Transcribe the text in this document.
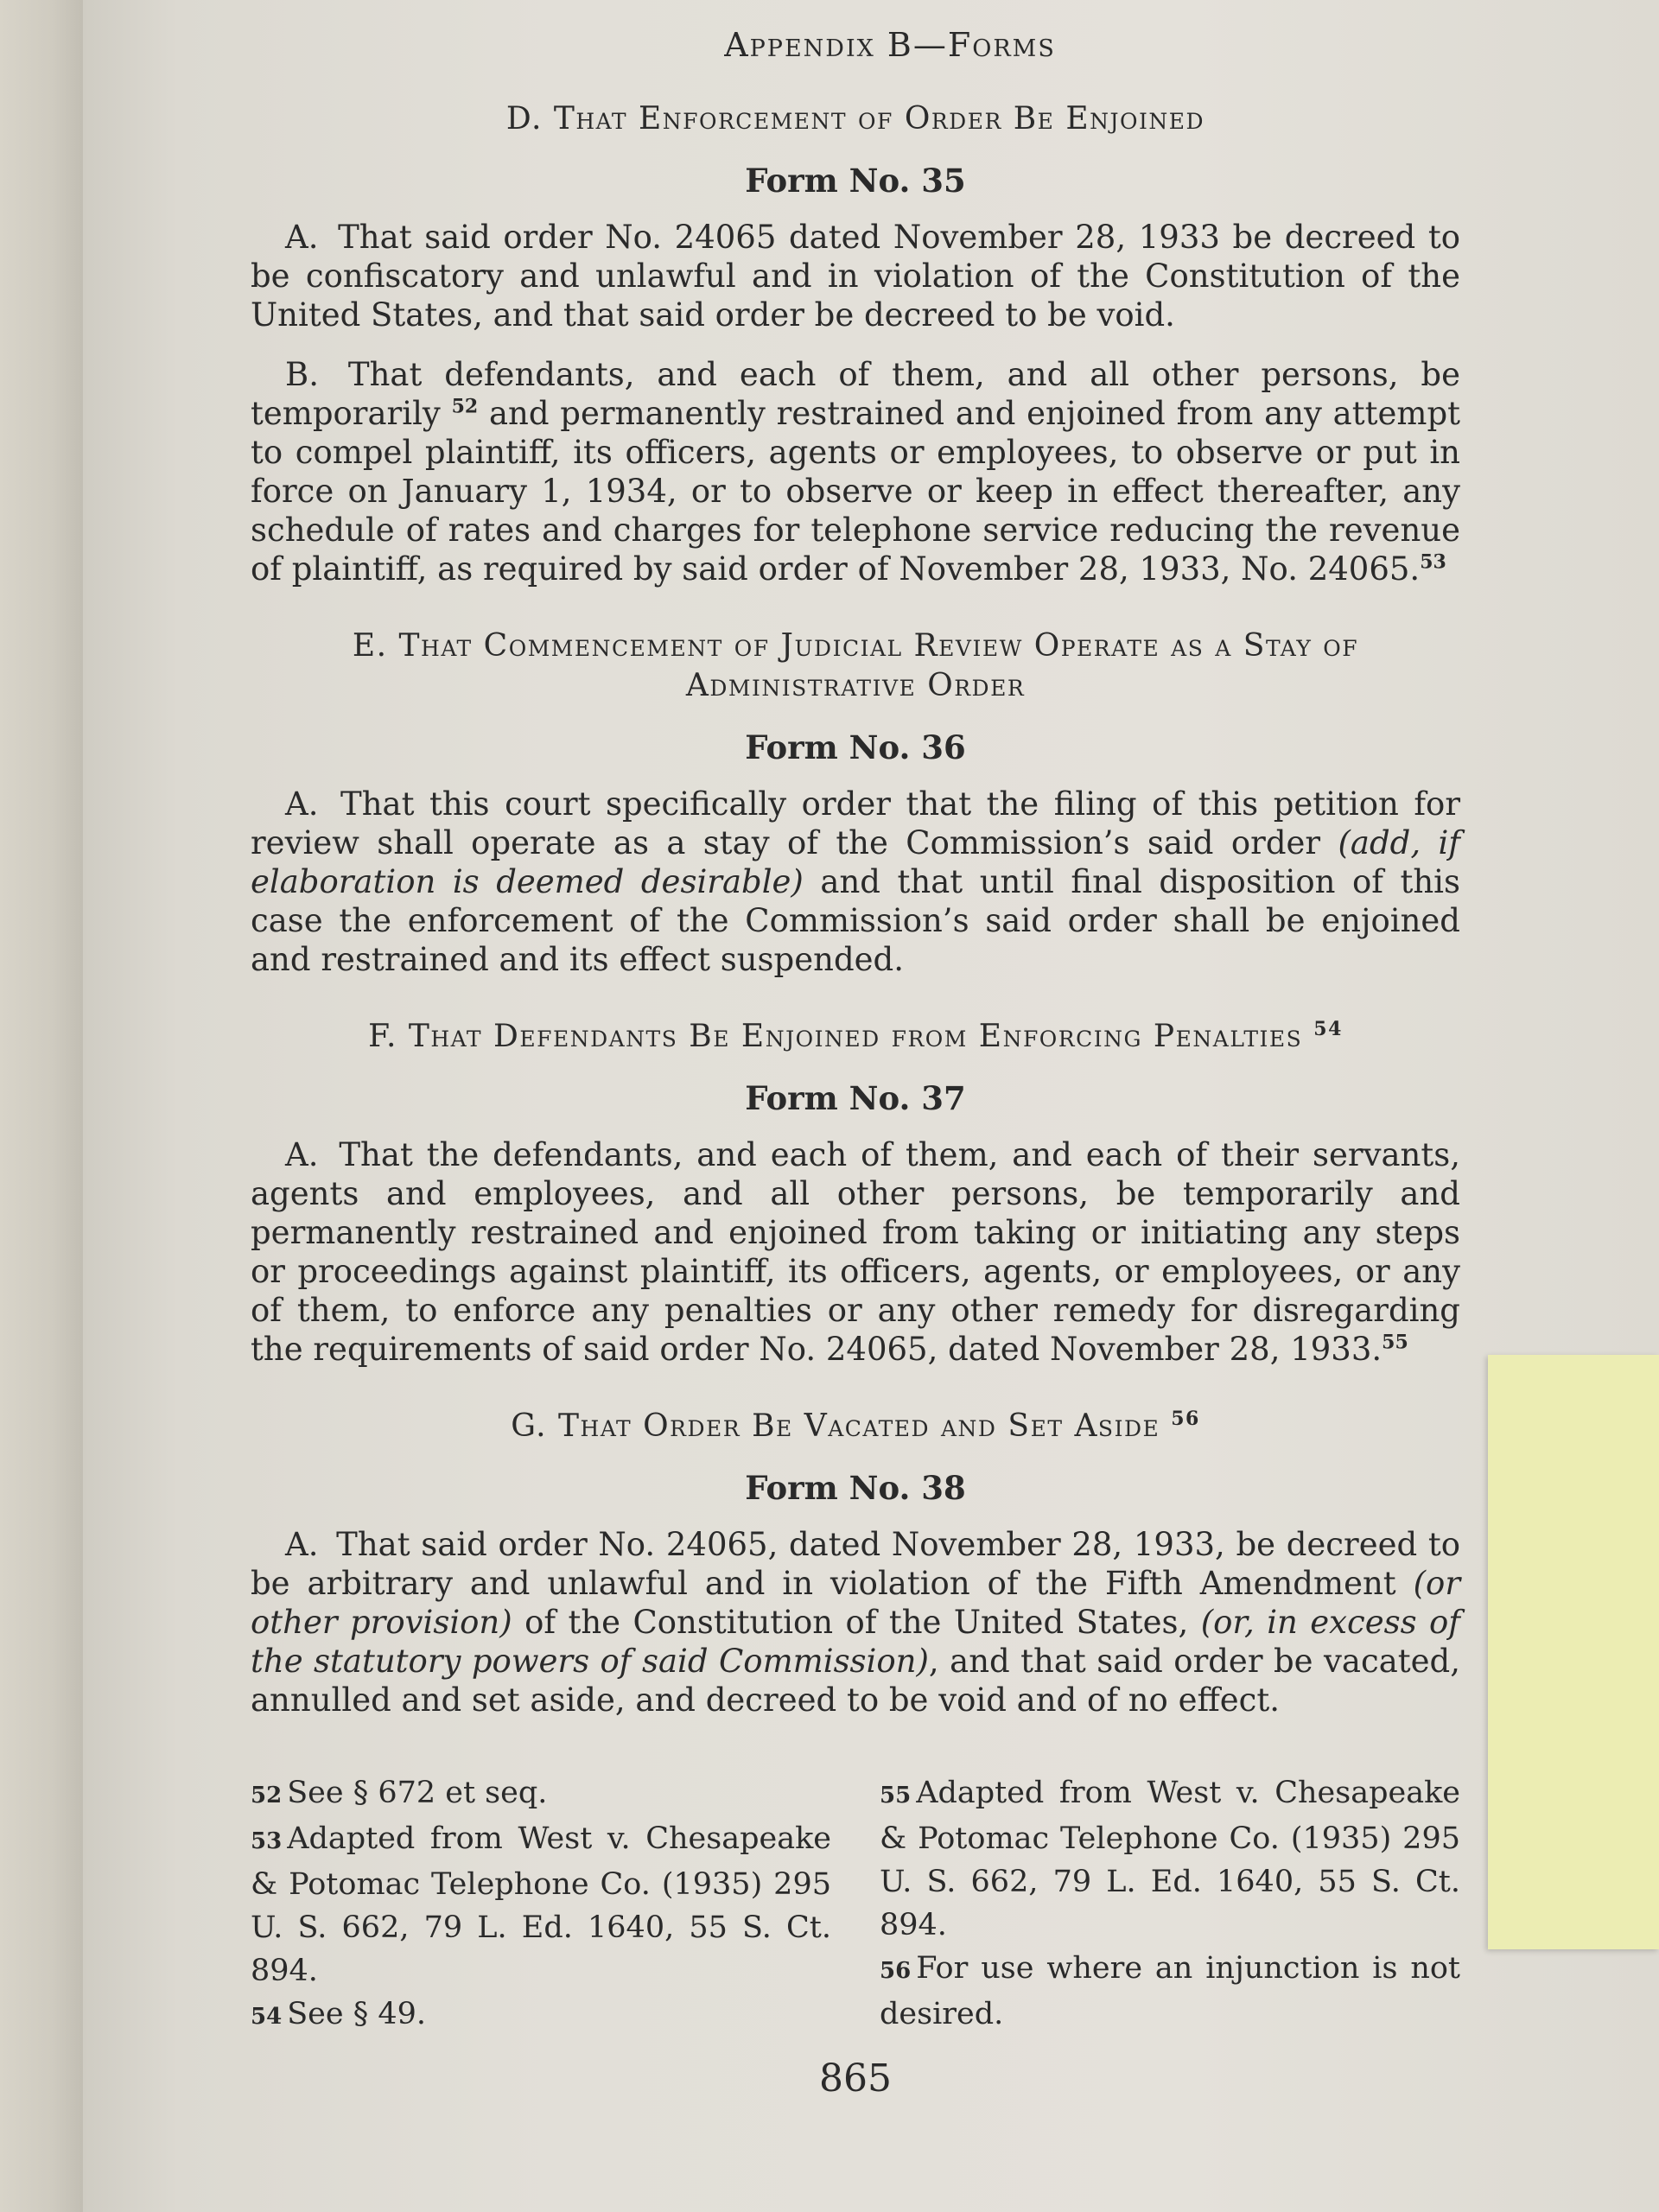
Appendix B—Forms
D. That Enforcement of Order Be Enjoined
Form No. 35

A. That said order No. 24065 dated November 28, 1933 be decreed to be confiscatory and unlawful and in violation of the Constitution of the United States, and that said order be decreed to be void.

B. That defendants, and each of them, and all other persons, be temporarily $^{52}$ and permanently restrained and enjoined from any attempt to compel plaintiff, its officers, agents or employees, to observe or put in force on January 1, 1934, or to observe or keep in effect thereafter, any schedule of rates and charges for telephone service reducing the revenue of plaintiff, as required by said order of November 28, 1933, No. 24065.53

E. That Commencement of Judicial Review Operate as a Stay of Administrative Order
Form No. 36

A. That this court specifically order that the filing of this petition for review shall operate as a stay of the Commission’s said order (add, if elaboration is deemed desirable) and that until final disposition of this case the enforcement of the Commission’s said order shall be enjoined and restrained and its effect suspended.

F. That Defendants Be Enjoined from Enforcing Penalties $^{54}$
Form No. 37

A. That the defendants, and each of them, and each of their servants, agents and employees, and all other persons, be temporarily and permanently restrained and enjoined from taking or initiating any steps or proceedings against plaintiff, its officers, agents, or employees, or any of them, to enforce any penalties or any other remedy for disregarding the requirements of said order No. 24065, dated November 28, 1933.55

G. That Order Be Vacated and Set Aside $^{56}$
Form No. 38

A. That said order No. 24065, dated November 28, 1933, be decreed to be arbitrary and unlawful and in violation of the Fifth Amendment (or other provision) of the Constitution of the United States, (or, in excess of the statutory powers of said Commission), and that said order be vacated, annulled and set aside, and decreed to be void and of no effect.

52 See § 672 et seq.

53 Adapted from West v. Chesapeake & Potomac Telephone Co. (1935) 295 U. S. 662, 79 L. Ed. 1640, 55 S. Ct. 894.

54 See § 49.

55 Adapted from West v. Chesapeake & Potomac Telephone Co. (1935) 295 U. S. 662, 79 L. Ed. 1640, 55 S. Ct. 894.

56 For use where an injunction is not desired.

865
